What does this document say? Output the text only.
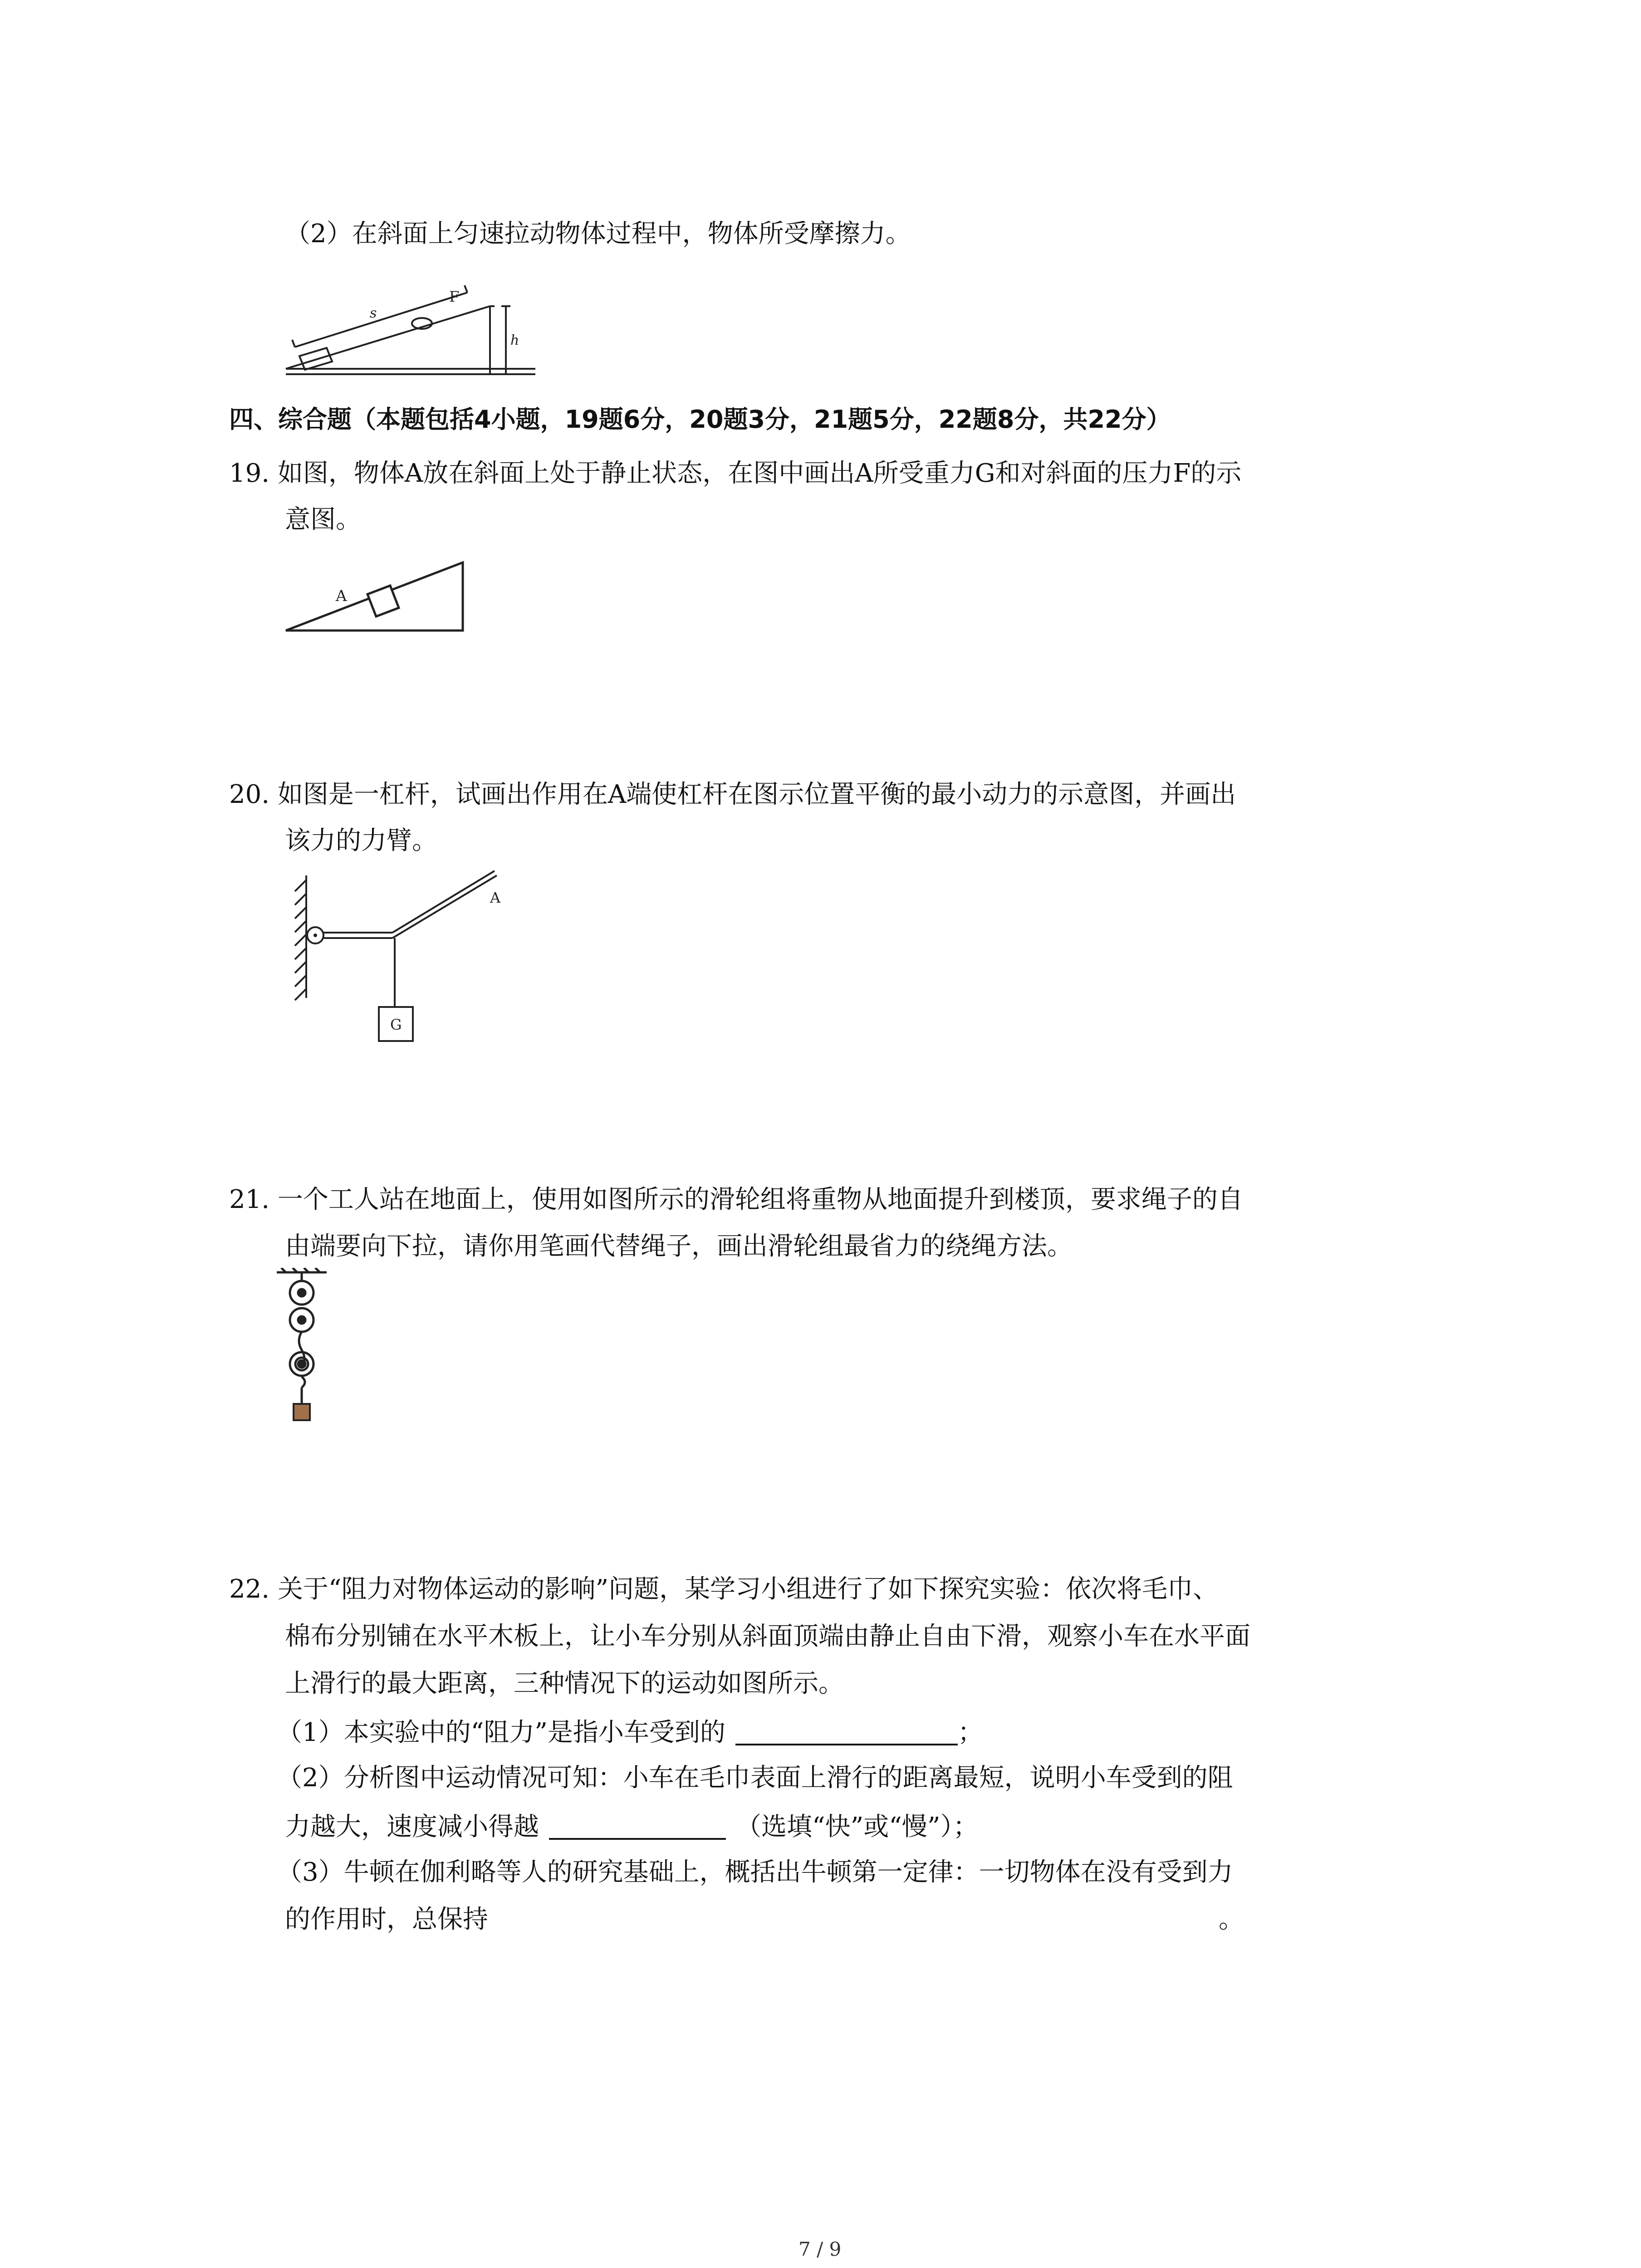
（2）在斜面上匀速拉动物体过程中，物体所受摩擦力。
s
F
h
四、综合题（本题包括4小题，19题6分，20题3分，21题5分，22题8分，共22分）
19. 如图，物体A放在斜面上处于静止状态，在图中画出A所受重力G和对斜面的压力F的示
意图。
A
20. 如图是一杠杆，试画出作用在A端使杠杆在图示位置平衡的最小动力的示意图，并画出
该力的力臂。
A
G
21. 一个工人站在地面上，使用如图所示的滑轮组将重物从地面提升到楼顶，要求绳子的自
由端要向下拉，请你用笔画代替绳子，画出滑轮组最省力的绕绳方法。
22. 关于“阻力对物体运动的影响”问题，某学习小组进行了如下探究实验：依次将毛巾、
棉布分别铺在水平木板上，让小车分别从斜面顶端由静止自由下滑，观察小车在水平面
上滑行的最大距离，三种情况下的运动如图所示。
（1）本实验中的“阻力”是指小车受到的	；
（2）分析图中运动情况可知：小车在毛巾表面上滑行的距离最短，说明小车受到的阻
力越大，速度减小得越	（选填“快”或“慢”）；
（3）牛顿在伽利略等人的研究基础上，概括出牛顿第一定律：一切物体在没有受到力
的作用时，总保持	。
7 / 9
